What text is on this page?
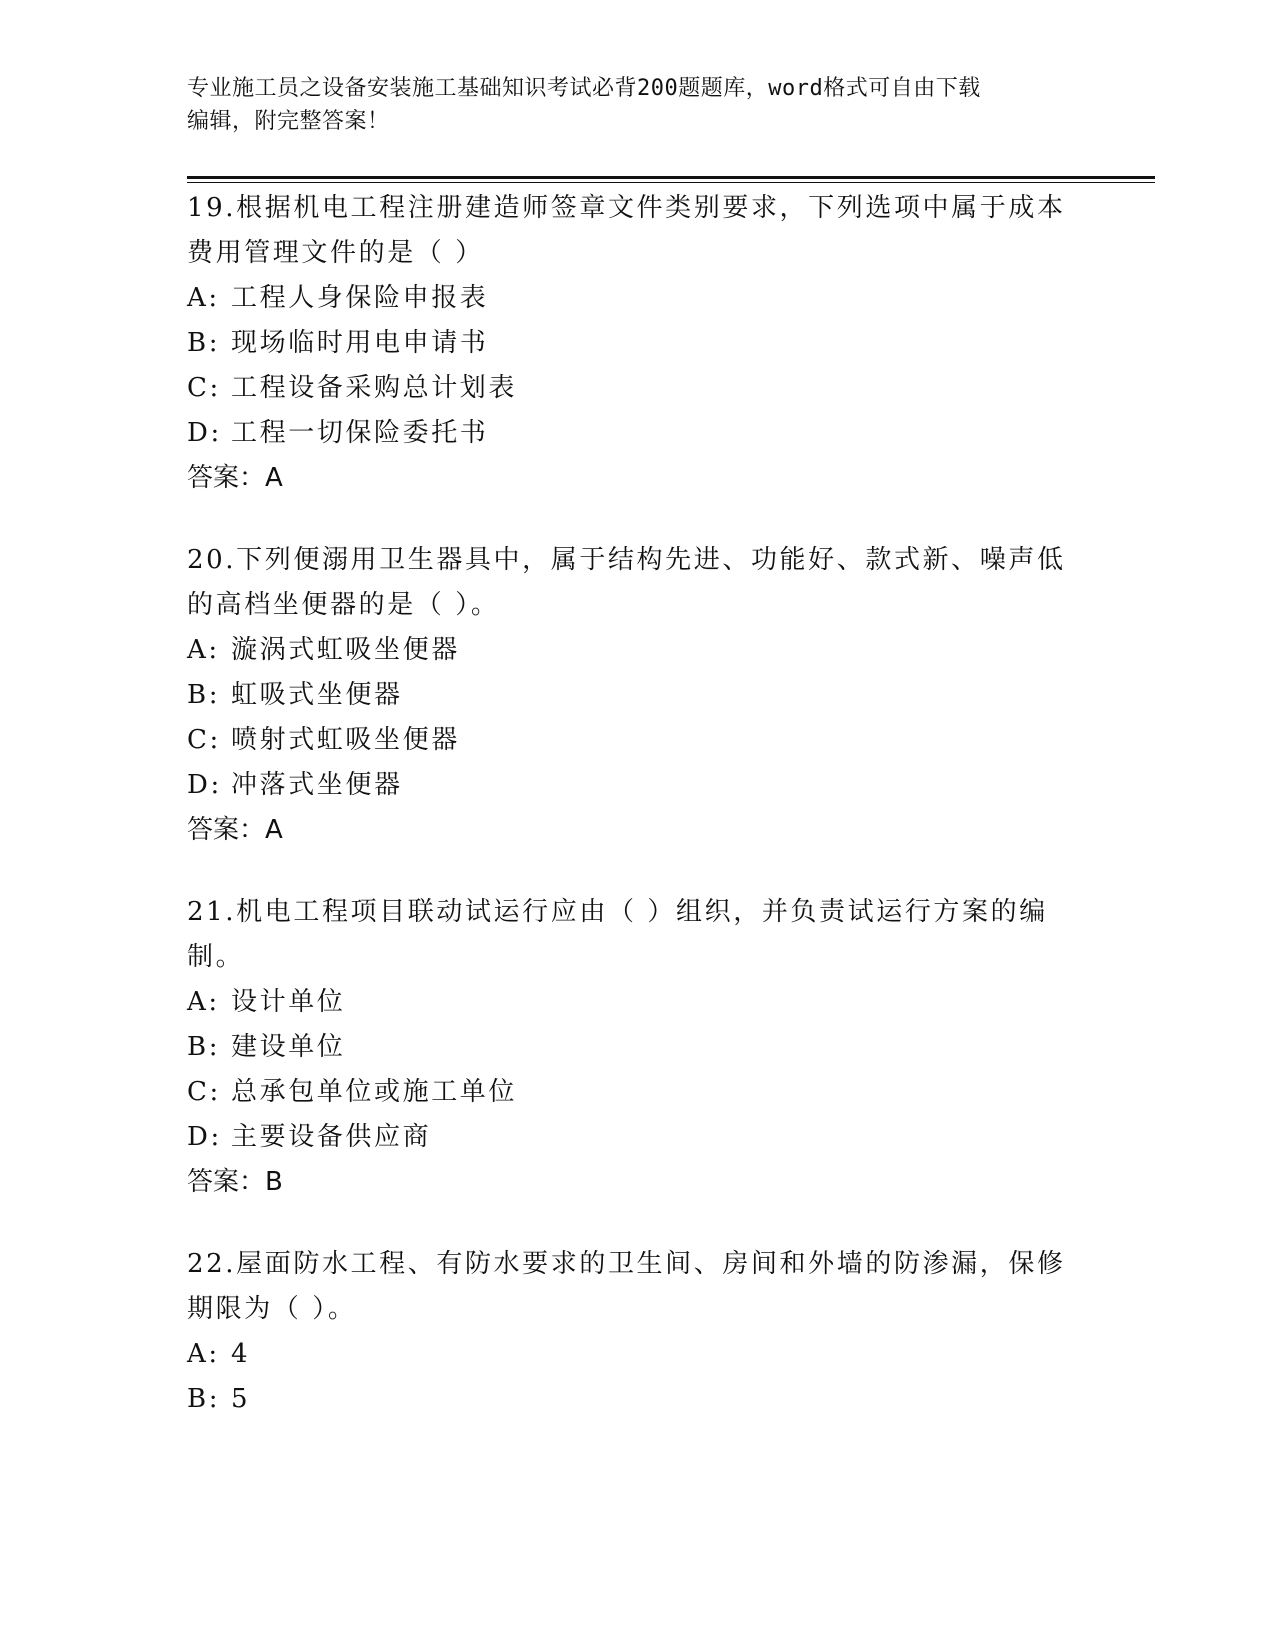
专业施工员之设备安装施工基础知识考试必背200题题库，word格式可自由下载
编辑，附完整答案！

19.根据机电工程注册建造师签章文件类别要求，下列选项中属于成本费用管理文件的是（ ）

A: 工程人身保险申报表

B: 现场临时用电申请书

C: 工程设备采购总计划表

D: 工程一切保险委托书

答案：A

20.下列便溺用卫生器具中，属于结构先进、功能好、款式新、噪声低的高档坐便器的是（ ）。

A: 漩涡式虹吸坐便器

B: 虹吸式坐便器

C: 喷射式虹吸坐便器

D: 冲落式坐便器

答案：A

21.机电工程项目联动试运行应由（ ）组织，并负责试运行方案的编制。

A: 设计单位

B: 建设单位

C: 总承包单位或施工单位

D: 主要设备供应商

答案：B

22.屋面防水工程、有防水要求的卫生间、房间和外墙的防渗漏，保修期限为（ ）。

A: 4

B: 5
